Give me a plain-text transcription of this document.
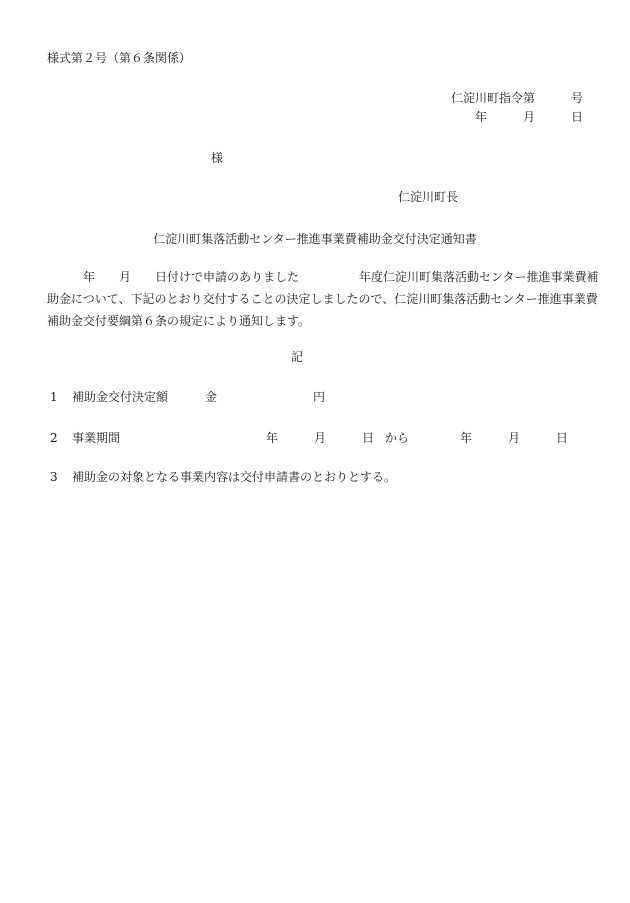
様式第２号（第６条関係）
仁淀川町指令第　　　号
年　　　月　　　日
様
仁淀川町長
仁淀川町集落活動センター推進事業費補助金交付決定通知書
　　　年　　月　　日付けで申請のありました　　　　　年度仁淀川町集落活動センター推進事業費補
助金について、下記のとおり交付することの決定しましたので、仁淀川町集落活動センター推進事業費
補助金交付要綱第６条の規定により通知します。
記
1 補助金交付決定額	金	円
2 事業期間	年　　　月　　　日 から	年　　　月　　　日
3 補助金の対象となる事業内容は交付申請書のとおりとする。
